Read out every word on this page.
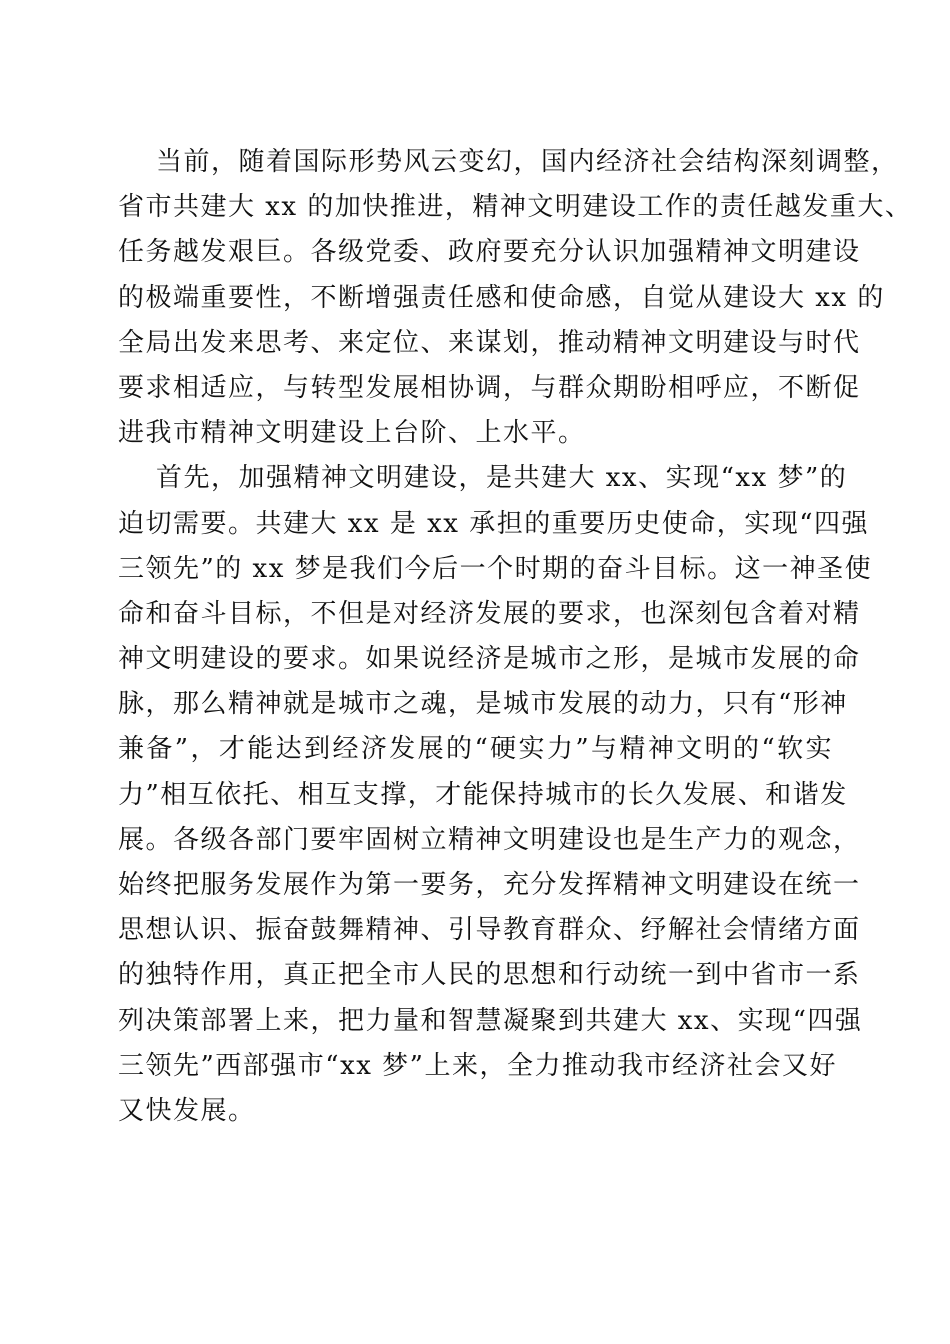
当前，随着国际形势风云变幻，国内经济社会结构深刻调整，
省市共建大 xx 的加快推进，精神文明建设工作的责任越发重大、
任务越发艰巨。各级党委、政府要充分认识加强精神文明建设
的极端重要性，不断增强责任感和使命感，自觉从建设大 xx 的
全局出发来思考、来定位、来谋划，推动精神文明建设与时代
要求相适应，与转型发展相协调，与群众期盼相呼应，不断促
进我市精神文明建设上台阶、上水平。
首先，加强精神文明建设，是共建大 xx、实现“xx 梦”的
迫切需要。共建大 xx 是 xx 承担的重要历史使命，实现“四强
三领先”的 xx 梦是我们今后一个时期的奋斗目标。这一神圣使
命和奋斗目标，不但是对经济发展的要求，也深刻包含着对精
神文明建设的要求。如果说经济是城市之形，是城市发展的命
脉，那么精神就是城市之魂，是城市发展的动力，只有“形神
兼备”，才能达到经济发展的“硬实力”与精神文明的“软实
力”相互依托、相互支撑，才能保持城市的长久发展、和谐发
展。各级各部门要牢固树立精神文明建设也是生产力的观念，
始终把服务发展作为第一要务，充分发挥精神文明建设在统一
思想认识、振奋鼓舞精神、引导教育群众、纾解社会情绪方面
的独特作用，真正把全市人民的思想和行动统一到中省市一系
列决策部署上来，把力量和智慧凝聚到共建大 xx、实现“四强
三领先”西部强市“xx 梦”上来，全力推动我市经济社会又好
又快发展。
